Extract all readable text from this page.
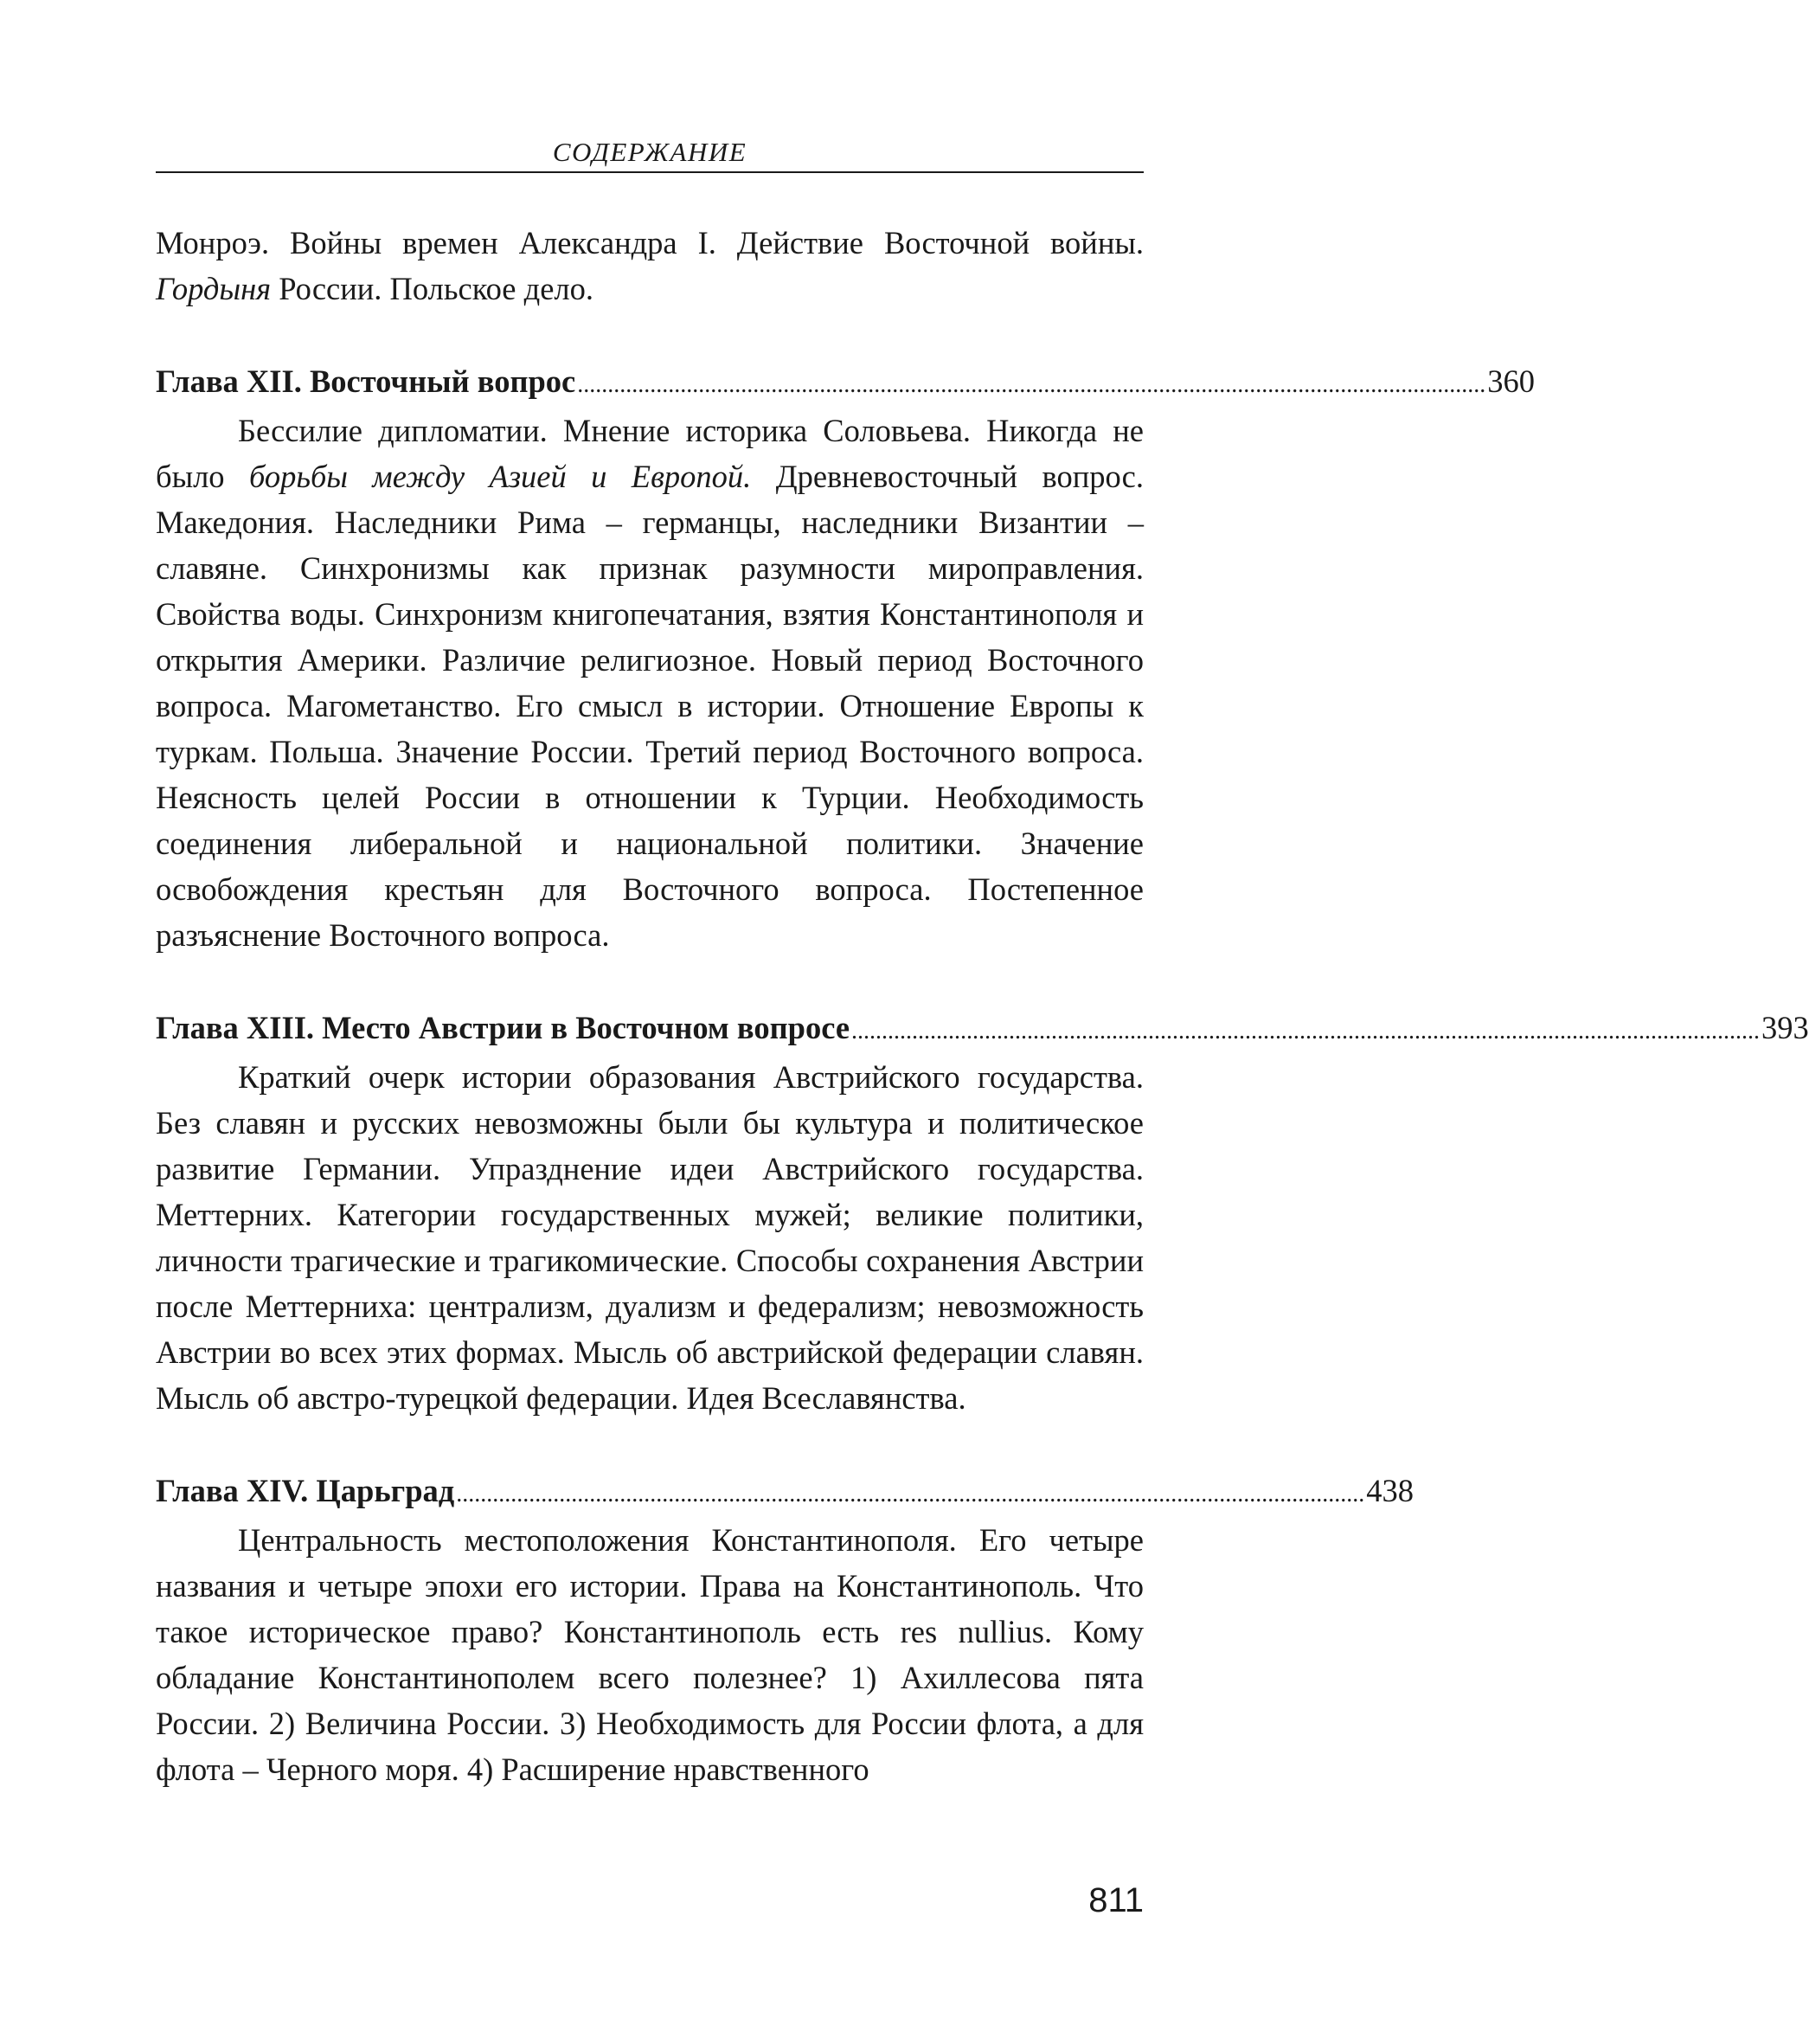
СОДЕРЖАНИЕ

Монроэ. Войны времен Александра I. Действие Восточной войны. Гордыня России. Польское дело.

Глава XII. Восточный вопрос ...................................................................................................................................................... 360

Бессилие дипломатии. Мнение историка Соловьева. Никогда не было борьбы между Азией и Европой. Древневосточный вопрос. Македония. Наследники Рима – германцы, наследники Византии – славяне. Синхронизмы как признак разумности мироправления. Свойства воды. Синхронизм книгопечатания, взятия Константинополя и открытия Америки. Различие религиозное. Новый период Восточного вопроса. Магометанство. Его смысл в истории. Отношение Европы к туркам. Польша. Значение России. Третий период Восточного вопроса. Неясность целей России в отношении к Турции. Необходимость соединения либеральной и национальной политики. Значение освобождения крестьян для Восточного вопроса. Постепенное разъяснение Восточного вопроса.

Глава XIII. Место Австрии в Восточном вопросе ...................................................................................................................................................... 393

Краткий очерк истории образования Австрийского государства. Без славян и русских невозможны были бы культура и политическое развитие Германии. Упразднение идеи Австрийского государства. Меттерних. Категории государственных мужей; великие политики, личности трагические и трагикомические. Способы сохранения Австрии после Меттерниха: централизм, дуализм и федерализм; невозможность Австрии во всех этих формах. Мысль об австрийской федерации славян. Мысль об австро-турецкой федерации. Идея Всеславянства.

Глава XIV. Царьград ...................................................................................................................................................... 438

Центральность местоположения Константинополя. Его четыре названия и четыре эпохи его истории. Права на Константинополь. Что такое историческое право? Константинополь есть res nullius. Кому обладание Константинополем всего полезнее? 1) Ахиллесова пята России. 2) Величина России. 3) Необходимость для России флота, а для флота – Черного моря. 4) Расширение нравственного

811
